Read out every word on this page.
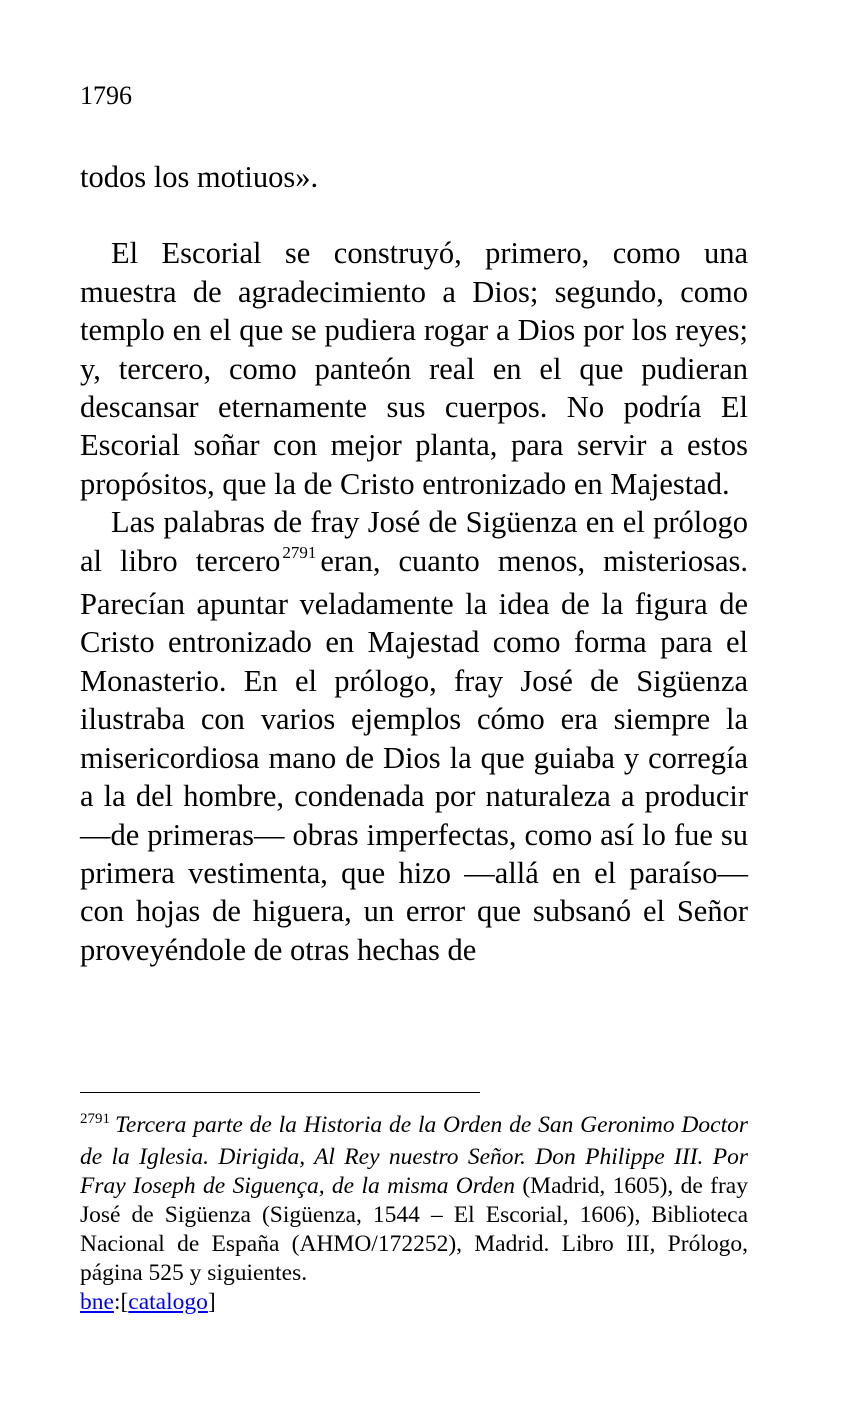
1796

todos los motiuos».

El Escorial se construyó, primero, como una muestra de agradecimiento a Dios; segundo, como templo en el que se pudiera rogar a Dios por los reyes; y, tercero, como panteón real en el que pudieran descansar eternamente sus cuerpos. No podría El Escorial soñar con mejor planta, para servir a estos propósitos, que la de Cristo entronizado en Majestad.

Las palabras de fray José de Sigüenza en el prólogo al libro tercero $^{2791}$ eran, cuanto menos, misteriosas. Parecían apuntar veladamente la idea de la figura de Cristo entronizado en Majestad como forma para el Monasterio. En el prólogo, fray José de Sigüenza ilustraba con varios ejemplos cómo era siempre la misericordiosa mano de Dios la que guiaba y corregía a la del hombre, condenada por naturaleza a producir —de primeras— obras imperfectas, como así lo fue su primera vestimenta, que hizo —allá en el paraíso— con hojas de higuera, un error que subsanó el Señor proveyéndole de otras hechas de

$^{2791}$ Tercera parte de la Historia de la Orden de San Geronimo Doctor de la Iglesia. Dirigida, Al Rey nuestro Señor. Don Philippe III. Por Fray Ioseph de Siguença, de la misma Orden (Madrid, 1605), de fray José de Sigüenza (Sigüenza, 1544 – El Escorial, 1606), Biblioteca Nacional de España (AHMO/172252), Madrid. Libro III, Prólogo, página 525 y siguientes.
bne:[catalogo]
